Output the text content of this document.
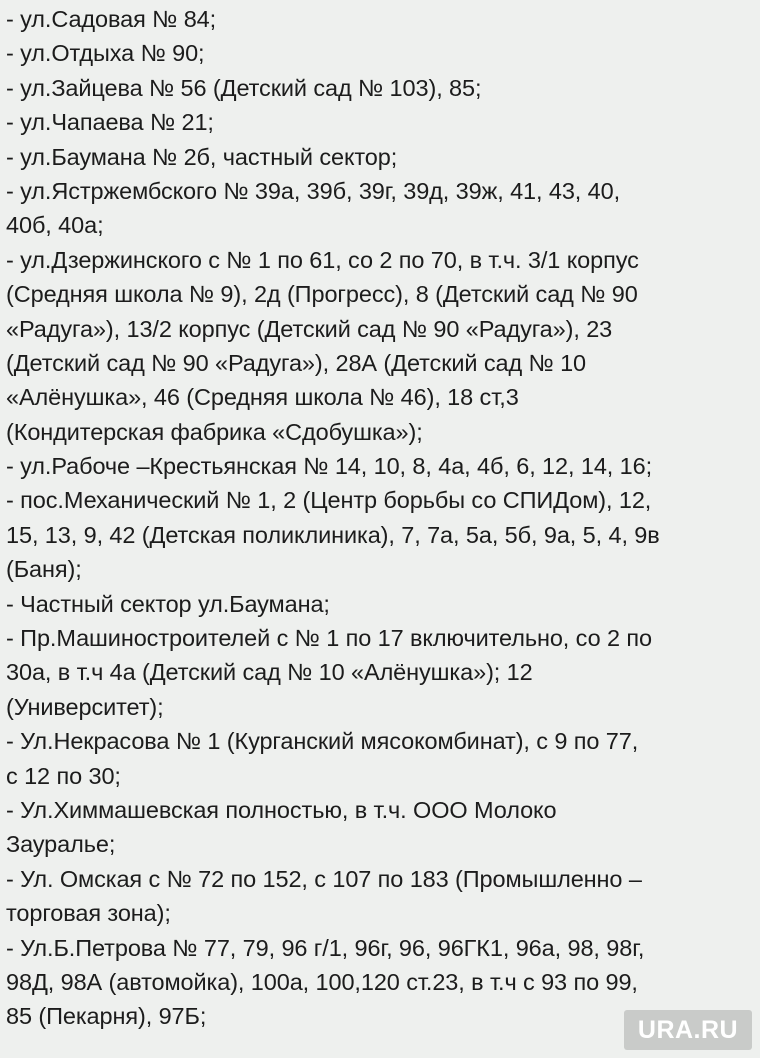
- ул.Садовая № 84;
- ул.Отдыха № 90;
- ул.Зайцева № 56 (Детский сад № 103), 85;
- ул.Чапаева № 21;
- ул.Баумана № 2б, частный сектор;
- ул.Ястржембского № 39а, 39б, 39г, 39д, 39ж, 41, 43, 40,
40б, 40а;
- ул.Дзержинского с № 1 по 61, со 2 по 70, в т.ч. 3/1 корпус
(Средняя школа № 9), 2д (Прогресс), 8 (Детский сад № 90
«Радуга»), 13/2 корпус (Детский сад № 90 «Радуга»), 23
(Детский сад № 90 «Радуга»), 28А (Детский сад № 10
«Алёнушка», 46 (Средняя школа № 46), 18 ст,3
(Кондитерская фабрика «Сдобушка»);
- ул.Рабоче –Крестьянская № 14, 10, 8, 4а, 4б, 6, 12, 14, 16;
- пос.Механический № 1, 2 (Центр борьбы со СПИДом), 12,
15, 13, 9, 42 (Детская поликлиника), 7, 7а, 5а, 5б, 9а, 5, 4, 9в
(Баня);
- Частный сектор ул.Баумана;
- Пр.Машиностроителей с № 1 по 17 включительно, со 2 по
30а, в т.ч 4а (Детский сад № 10 «Алёнушка»); 12
(Университет);
- Ул.Некрасова № 1 (Курганский мясокомбинат), с 9 по 77,
с 12 по 30;
- Ул.Химмашевская полностью, в т.ч. ООО Молоко
Зауралье;
- Ул. Омская с № 72 по 152, с 107 по 183 (Промышленно –
торговая зона);
- Ул.Б.Петрова № 77, 79, 96 г/1, 96г, 96, 96ГК1, 96а, 98, 98г,
98Д, 98А (автомойка), 100а, 100,120 ст.23, в т.ч с 93 по 99,
85 (Пекарня), 97Б;	URA.RU
